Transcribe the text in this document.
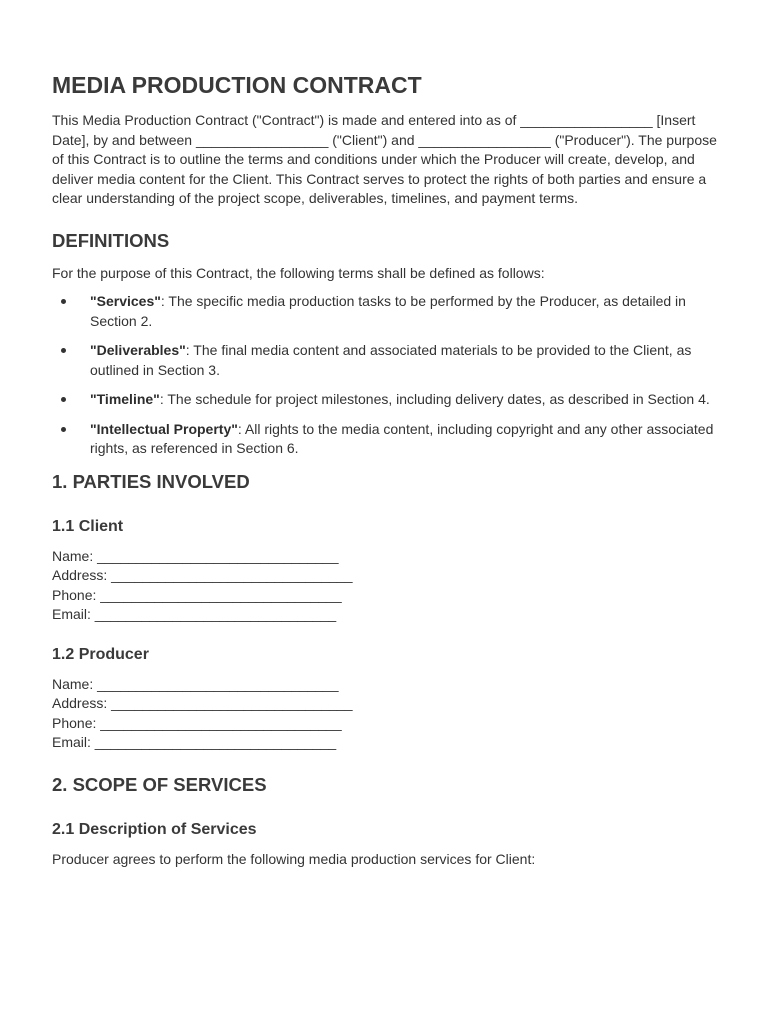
MEDIA PRODUCTION CONTRACT

This Media Production Contract ("Contract") is made and entered into as of _________________ [Insert Date], by and between _________________ ("Client") and _________________ ("Producer"). The purpose of this Contract is to outline the terms and conditions under which the Producer will create, develop, and deliver media content for the Client. This Contract serves to protect the rights of both parties and ensure a clear understanding of the project scope, deliverables, timelines, and payment terms.

DEFINITIONS

For the purpose of this Contract, the following terms shall be defined as follows:

"Services": The specific media production tasks to be performed by the Producer, as detailed in Section 2.
"Deliverables": The final media content and associated materials to be provided to the Client, as outlined in Section 3.
"Timeline": The schedule for project milestones, including delivery dates, as described in Section 4.
"Intellectual Property": All rights to the media content, including copyright and any other associated rights, as referenced in Section 6.
1. PARTIES INVOLVED
1.1 Client
Name: _______________________________
Address: _______________________________
Phone: _______________________________
Email: _______________________________
1.2 Producer
Name: _______________________________
Address: _______________________________
Phone: _______________________________
Email: _______________________________
2. SCOPE OF SERVICES
2.1 Description of Services

Producer agrees to perform the following media production services for Client:
